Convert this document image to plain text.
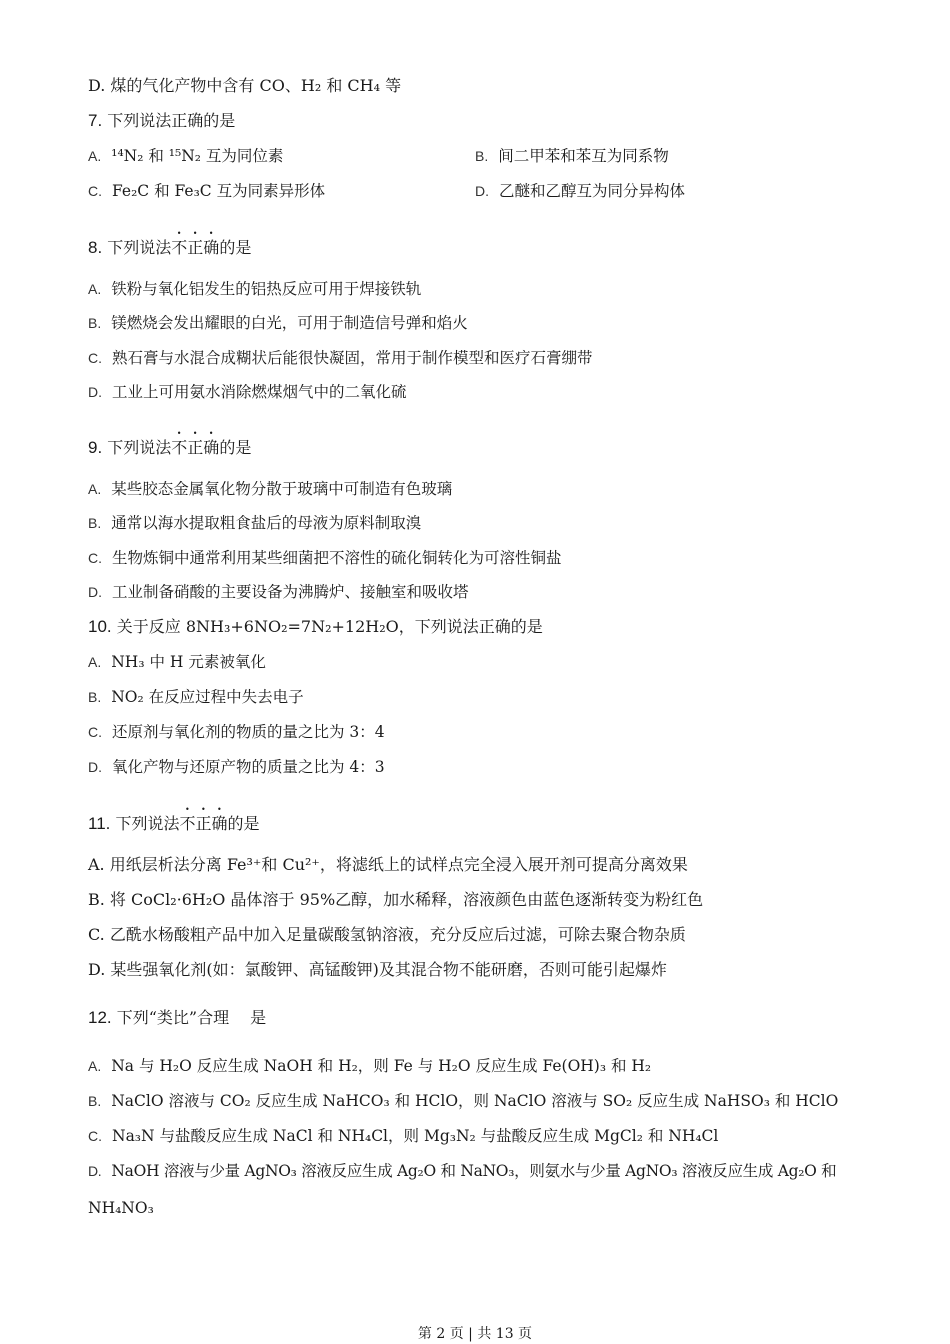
D. 煤的气化产物中含有 CO、H₂ 和 CH₄ 等
7. 下列说法正确的是
A. ¹⁴N₂ 和 ¹⁵N₂ 互为同位素	B. 间二甲苯和苯互为同系物
C. Fe₂C 和 Fe₃C 互为同素异形体	D. 乙醚和乙醇互为同分异构体
8. 下列说法不正确的是
A. 铁粉与氧化铝发生的铝热反应可用于焊接铁轨
B. 镁燃烧会发出耀眼的白光，可用于制造信号弹和焰火
C. 熟石膏与水混合成糊状后能很快凝固，常用于制作模型和医疗石膏绷带
D. 工业上可用氨水消除燃煤烟气中的二氧化硫
9. 下列说法不正确的是
A. 某些胶态金属氧化物分散于玻璃中可制造有色玻璃
B. 通常以海水提取粗食盐后的母液为原料制取溴
C. 生物炼铜中通常利用某些细菌把不溶性的硫化铜转化为可溶性铜盐
D. 工业制备硝酸的主要设备为沸腾炉、接触室和吸收塔
10. 关于反应 8NH₃+6NO₂=7N₂+12H₂O，下列说法正确的是
A. NH₃ 中 H 元素被氧化
B. NO₂ 在反应过程中失去电子
C. 还原剂与氧化剂的物质的量之比为 3：4
D. 氧化产物与还原产物的质量之比为 4：3
11. 下列说法不正确的是
A. 用纸层析法分离 Fe³⁺和 Cu²⁺，将滤纸上的试样点完全浸入展开剂可提高分离效果
B. 将 CoCl₂·6H₂O 晶体溶于 95%乙醇，加水稀释，溶液颜色由蓝色逐渐转变为粉红色
C. 乙酰水杨酸粗产品中加入足量碳酸氢钠溶液，充分反应后过滤，可除去聚合物杂质
D. 某些强氧化剂(如：氯酸钾、高锰酸钾)及其混合物不能研磨，否则可能引起爆炸
12. 下列“类比”合理　 是
A. Na 与 H₂O 反应生成 NaOH 和 H₂，则 Fe 与 H₂O 反应生成 Fe(OH)₃ 和 H₂
B. NaClO 溶液与 CO₂ 反应生成 NaHCO₃ 和 HClO，则 NaClO 溶液与 SO₂ 反应生成 NaHSO₃ 和 HClO
C. Na₃N 与盐酸反应生成 NaCl 和 NH₄Cl，则 Mg₃N₂ 与盐酸反应生成 MgCl₂ 和 NH₄Cl
D. NaOH 溶液与少量 AgNO₃ 溶液反应生成 Ag₂O 和 NaNO₃，则氨水与少量 AgNO₃ 溶液反应生成 Ag₂O 和
NH₄NO₃
第 2 页 | 共 13 页
